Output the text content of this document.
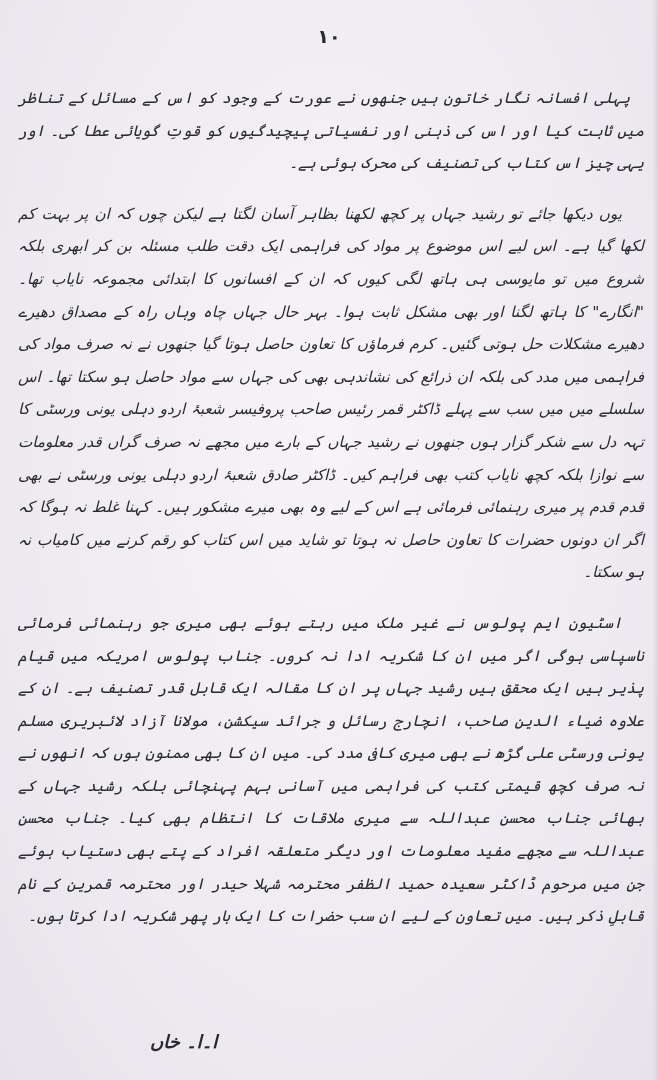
۱۰

پہلی افسانہ نگار خاتون ہیں جنھوں نے عورت کے وجود کو اس کے مسائل کے تناظر میں ثابت کیا اور اس کی ذہنی اور نفسیاتی پیچیدگیوں کو قوتِ گویائی عطا کی۔ اور یہی چیز اس کتاب کی تصنیف کی محرک ہوئی ہے۔

یوں دیکھا جائے تو رشید جہاں پر کچھ لکھنا بظاہر آسان لگتا ہے لیکن چوں کہ ان پر بہت کم لکھا گیا ہے۔ اس لیے اس موضوع پر مواد کی فراہمی ایک دقت طلب مسئلہ بن کر ابھری بلکہ شروع میں تو مایوسی ہی ہاتھ لگی کیوں کہ ان کے افسانوں کا ابتدائی مجموعہ نایاب تھا۔ "انگارے" کا ہاتھ لگنا اور بھی مشکل ثابت ہوا۔ بہر حال جہاں چاہ وہاں راہ کے مصداق دھیرے دھیرے مشکلات حل ہوتی گئیں۔ کرم فرماؤں کا تعاون حاصل ہوتا گیا جنھوں نے نہ صرف مواد کی فراہمی میں مدد کی بلکہ ان ذرائع کی نشاندہی بھی کی جہاں سے مواد حاصل ہو سکتا تھا۔ اس سلسلے میں میں سب سے پہلے ڈاکٹر قمر رئیس صاحب پروفیسر شعبۂ اردو دہلی یونی ورسٹی کا تہہ دل سے شکر گزار ہوں جنھوں نے رشید جہاں کے بارے میں مجھے نہ صرف گراں قدر معلومات سے نوازا بلکہ کچھ نایاب کتب بھی فراہم کیں۔ ڈاکٹر صادق شعبۂ اردو دہلی یونی ورسٹی نے بھی قدم قدم پر میری رہنمائی فرمائی ہے اس کے لیے وہ بھی میرے مشکور ہیں۔ کہنا غلط نہ ہوگا کہ اگر ان دونوں حضرات کا تعاون حاصل نہ ہوتا تو شاید میں اس کتاب کو رقم کرنے میں کامیاب نہ ہو سکتا۔

اسٹیون ایم پولوس نے غیر ملک میں رہتے ہوئے بھی میری جو رہنمائی فرمائی ناسپاسی ہوگی اگر میں ان کا شکریہ ادا نہ کروں۔ جناب پولوس امریکہ میں قیام پذیر ہیں ایک محقق ہیں رشید جہاں پر ان کا مقالہ ایک قابل قدر تصنیف ہے۔ ان کے علاوہ ضیاء الدین صاحب، انچارج رسائل و جرائد سیکشن، مولانا آزاد لائبریری مسلم یونی ورسٹی علی گڑھ نے بھی میری کافی مدد کی۔ میں ان کا بھی ممنون ہوں کہ انھوں نے نہ صرف کچھ قیمتی کتب کی فراہمی میں آسانی بہم پہنچائی بلکہ رشید جہاں کے بھائی جناب محسن عبداللہ سے میری ملاقات کا انتظام بھی کیا۔ جناب محسن عبداللہ سے مجھے مفید معلومات اور دیگر متعلقہ افراد کے پتے بھی دستیاب ہوئے جن میں مرحوم ڈاکٹر سعیدہ حمید الظفر محترمہ شہلا حیدر اور محترمہ قمرین کے نام قابلِ ذکر ہیں۔ میں تعاون کے لیے ان سب حضرات کا ایک بار پھر شکریہ ادا کرتا ہوں۔

ا۔ا۔ خاں
